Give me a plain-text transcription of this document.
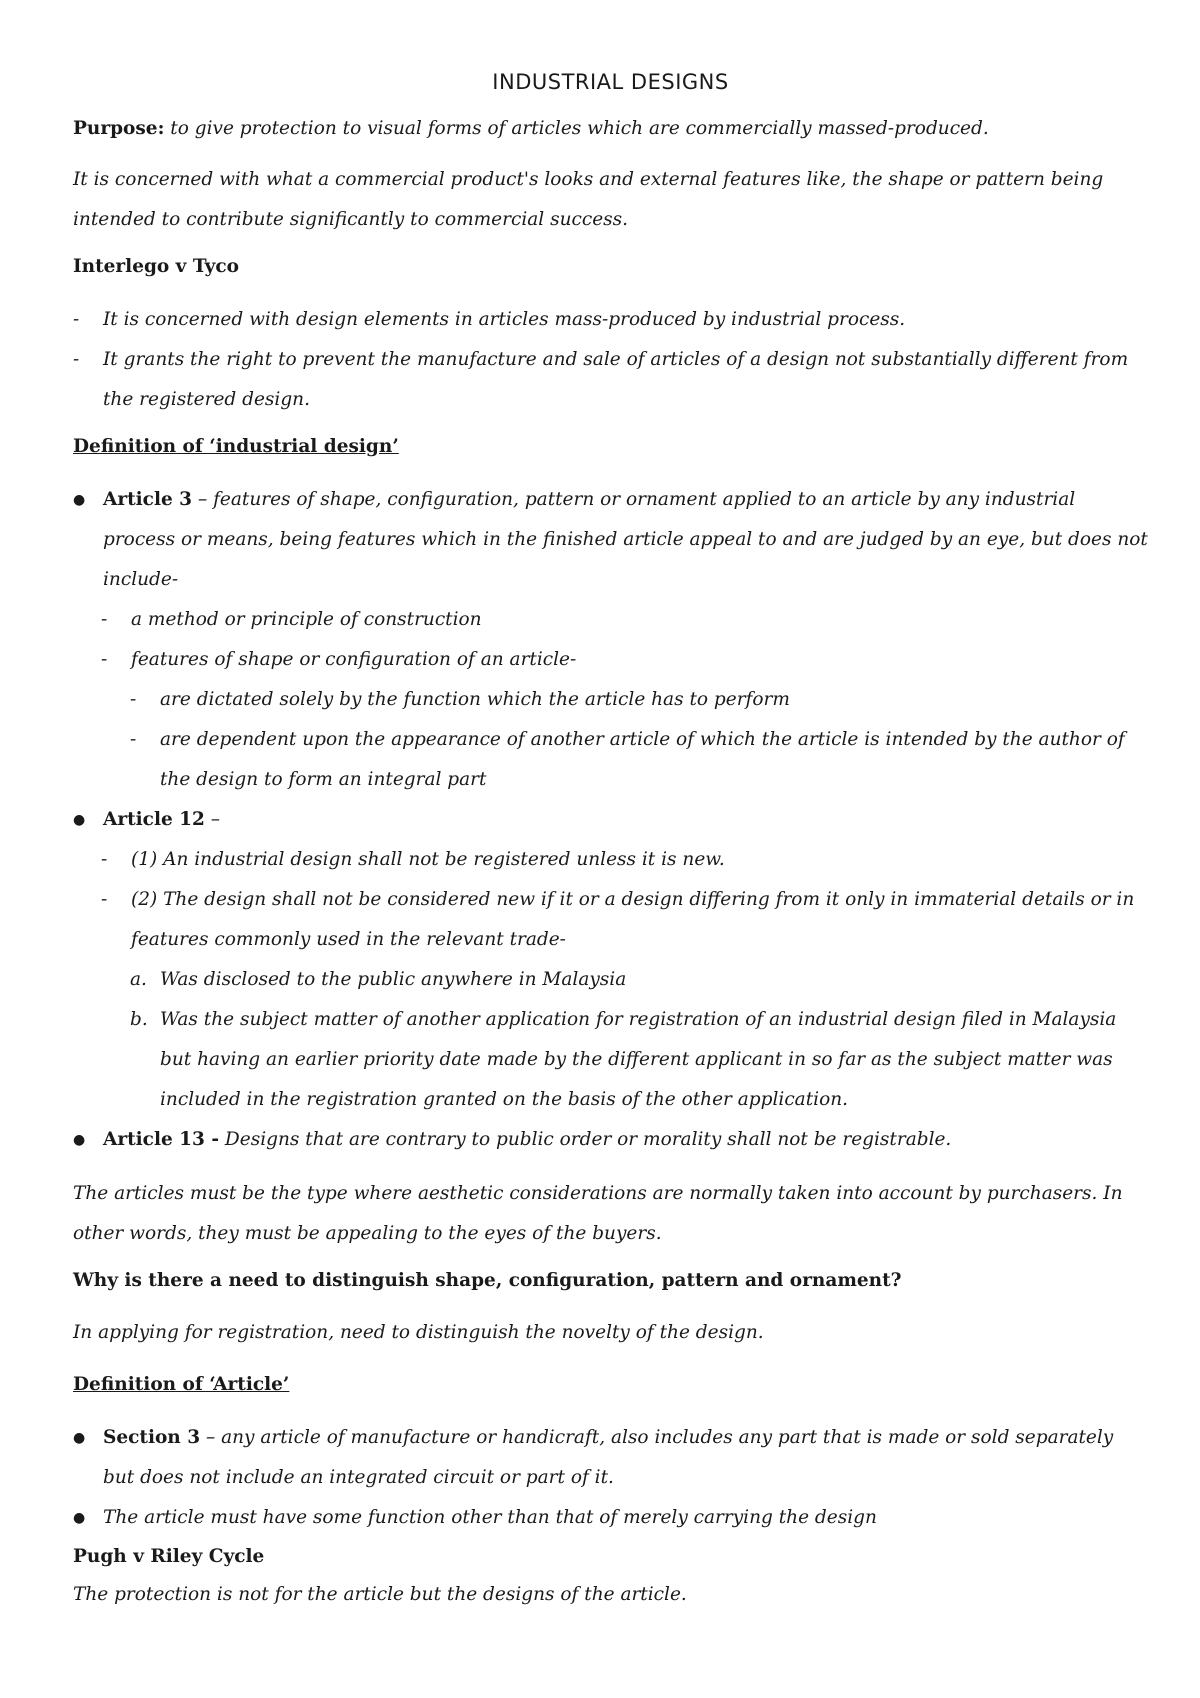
INDUSTRIAL DESIGNS

Purpose: to give protection to visual forms of articles which are commercially massed-produced.

It is concerned with what a commercial product's looks and external features like, the shape or pattern being intended to contribute significantly to commercial success.

Interlego v Tyco

- It is concerned with design elements in articles mass-produced by industrial process.
- It grants the right to prevent the manufacture and sale of articles of a design not substantially different from the registered design.

Definition of ‘industrial design’

● Article 3 – features of shape, configuration, pattern or ornament applied to an article by any industrial process or means, being features which in the finished article appeal to and are judged by an eye, but does not include-
- a method or principle of construction
- features of shape or configuration of an article-
- are dictated solely by the function which the article has to perform
- are dependent upon the appearance of another article of which the article is intended by the author of the design to form an integral part
● Article 12 –
- (1) An industrial design shall not be registered unless it is new.
- (2) The design shall not be considered new if it or a design differing from it only in immaterial details or in features commonly used in the relevant trade-
a. Was disclosed to the public anywhere in Malaysia
b. Was the subject matter of another application for registration of an industrial design filed in Malaysia but having an earlier priority date made by the different applicant in so far as the subject matter was included in the registration granted on the basis of the other application.
● Article 13 - Designs that are contrary to public order or morality shall not be registrable.

The articles must be the type where aesthetic considerations are normally taken into account by purchasers. In other words, they must be appealing to the eyes of the buyers.

Why is there a need to distinguish shape, configuration, pattern and ornament?

In applying for registration, need to distinguish the novelty of the design.

Definition of ‘Article’

● Section 3 – any article of manufacture or handicraft, also includes any part that is made or sold separately but does not include an integrated circuit or part of it.
● The article must have some function other than that of merely carrying the design

Pugh v Riley Cycle

The protection is not for the article but the designs of the article.
